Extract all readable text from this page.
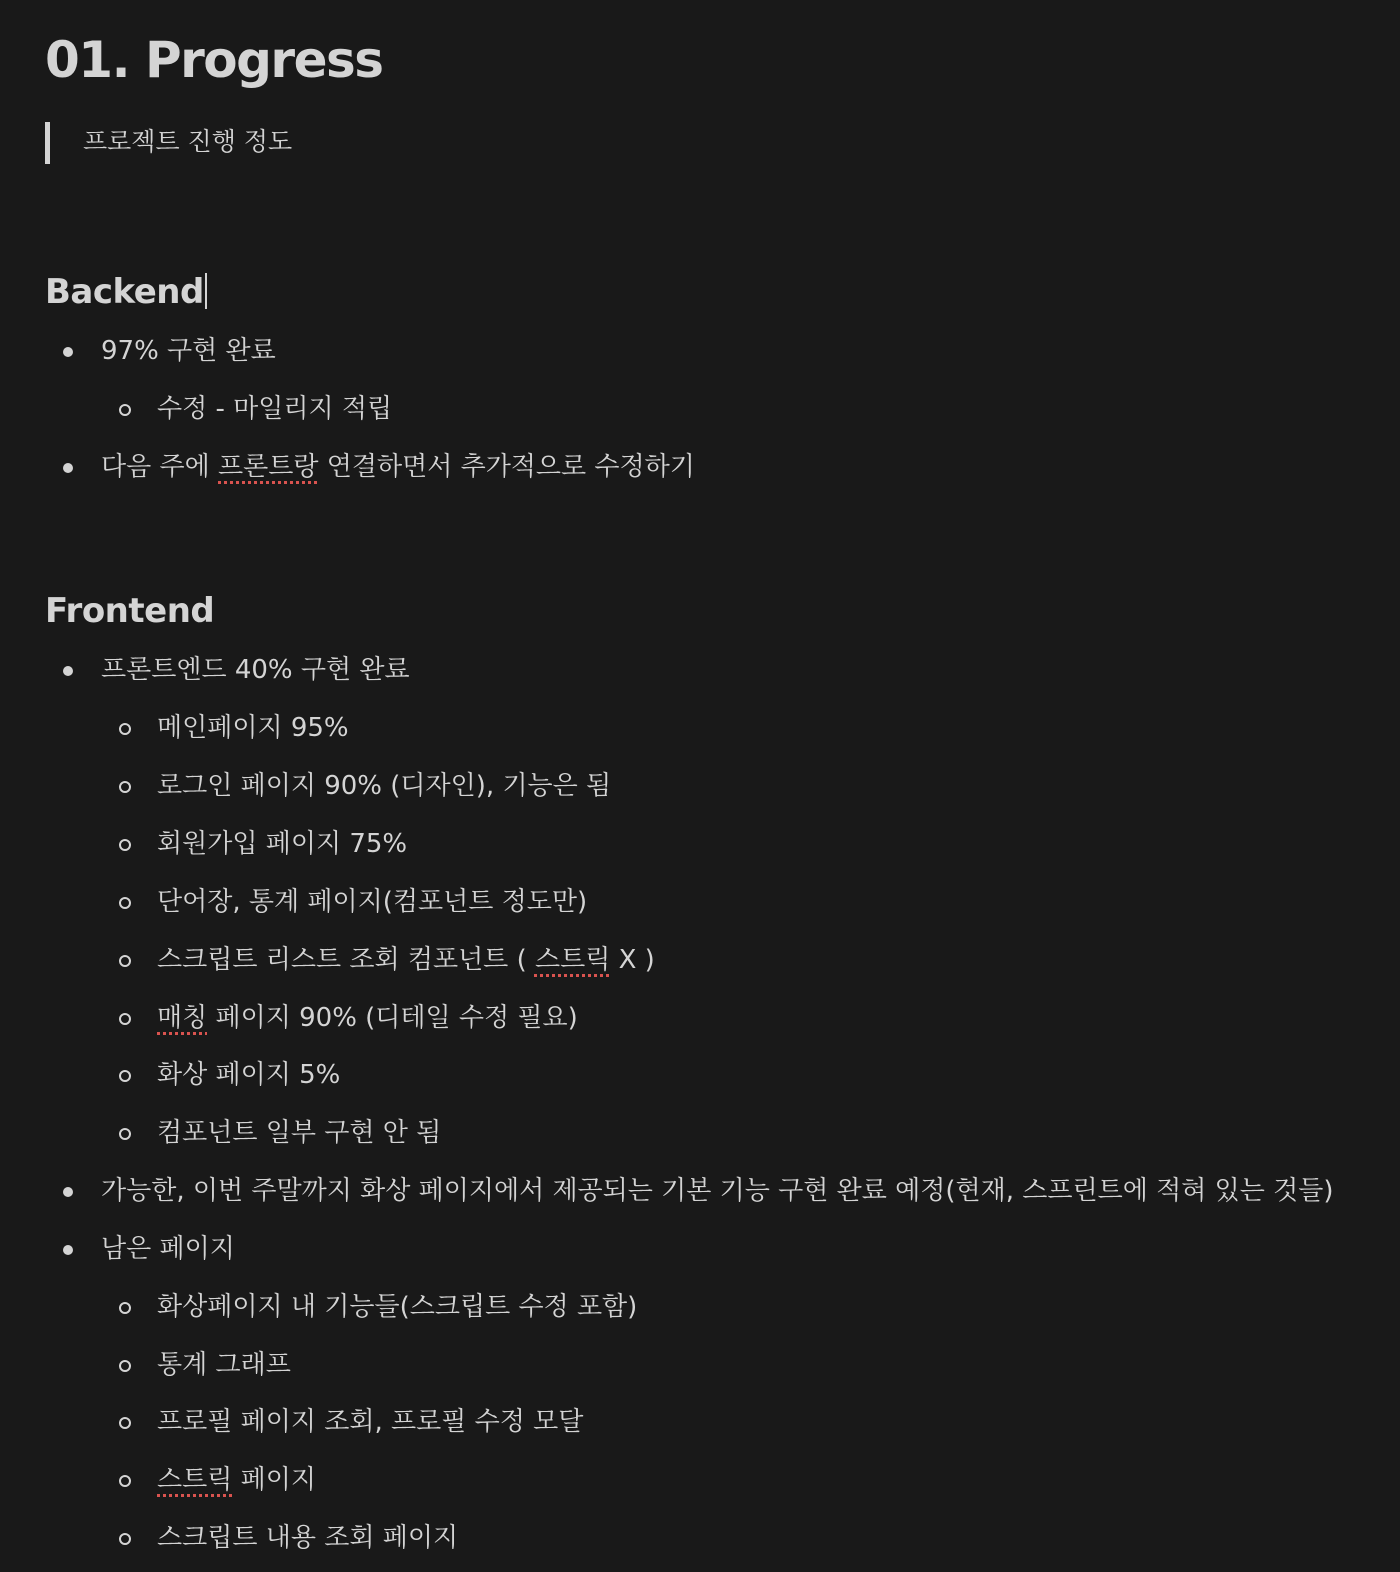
01. Progress
프로젝트 진행 정도
Backend
97% 구현 완료
수정 - 마일리지 적립
다음 주에 프론트랑 연결하면서 추가적으로 수정하기
Frontend
프론트엔드 40% 구현 완료
메인페이지 95%
로그인 페이지 90% (디자인), 기능은 됨
회원가입 페이지 75%
단어장, 통계 페이지(컴포넌트 정도만)
스크립트 리스트 조회 컴포넌트 ( 스트릭 X )
매칭 페이지 90% (디테일 수정 필요)
화상 페이지 5%
컴포넌트 일부 구현 안 됨
가능한, 이번 주말까지 화상 페이지에서 제공되는 기본 기능 구현 완료 예정(현재, 스프린트에 적혀 있는 것들)
남은 페이지
화상페이지 내 기능들(스크립트 수정 포함)
통계 그래프
프로필 페이지 조회, 프로필 수정 모달
스트릭 페이지
스크립트 내용 조회 페이지
